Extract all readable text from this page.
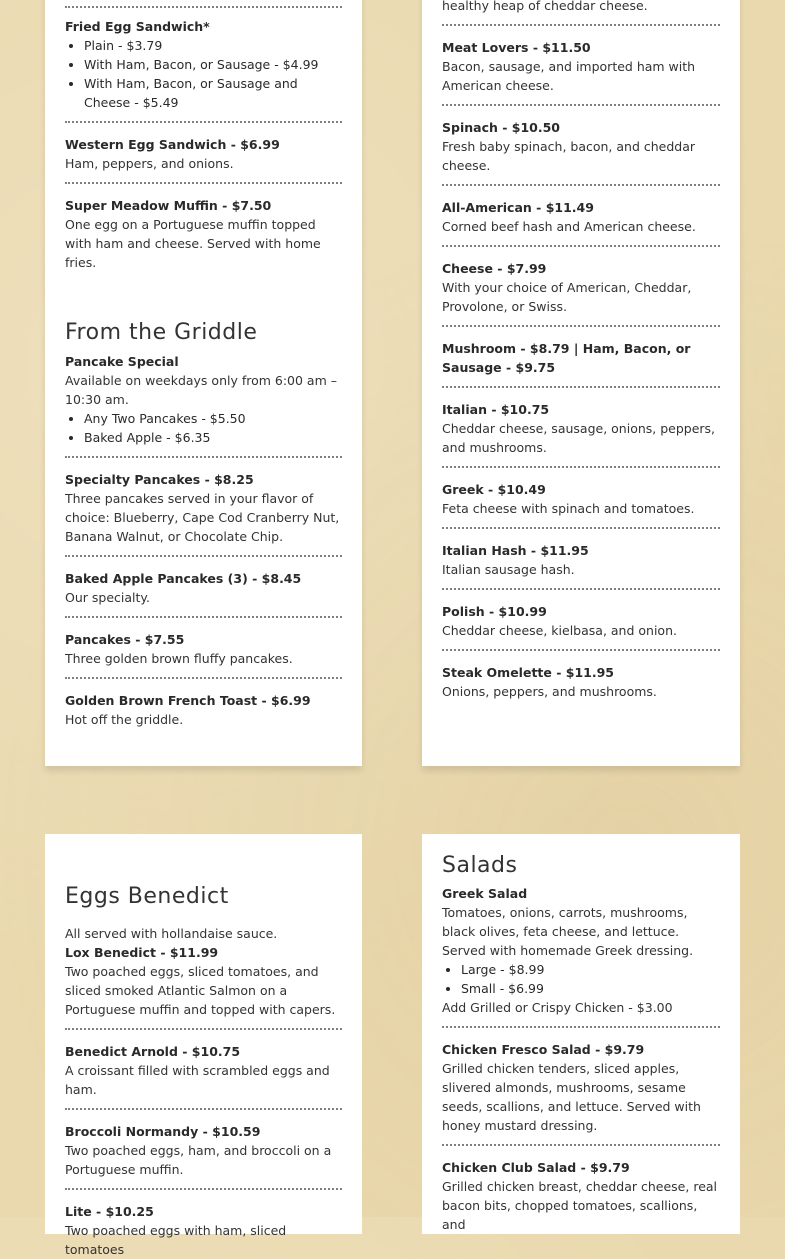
Fried Egg Sandwich*
• Plain - $3.79
• With Ham, Bacon, or Sausage - $4.99
• With Ham, Bacon, or Sausage and Cheese - $5.49
Western Egg Sandwich - $6.99
Ham, peppers, and onions.
Super Meadow Muffin - $7.50
One egg on a Portuguese muffin topped with ham and cheese. Served with home fries.
From the Griddle
Pancake Special
Available on weekdays only from 6:00 am – 10:30 am.
• Any Two Pancakes - $5.50
• Baked Apple - $6.35
Specialty Pancakes - $8.25
Three pancakes served in your flavor of choice: Blueberry, Cape Cod Cranberry Nut, Banana Walnut, or Chocolate Chip.
Baked Apple Pancakes (3) - $8.45
Our specialty.
Pancakes - $7.55
Three golden brown fluffy pancakes.
Golden Brown French Toast - $6.99
Hot off the griddle.
healthy heap of cheddar cheese.
Meat Lovers - $11.50
Bacon, sausage, and imported ham with American cheese.
Spinach - $10.50
Fresh baby spinach, bacon, and cheddar cheese.
All-American - $11.49
Corned beef hash and American cheese.
Cheese - $7.99
With your choice of American, Cheddar, Provolone, or Swiss.
Mushroom - $8.79 | Ham, Bacon, or Sausage - $9.75
Italian - $10.75
Cheddar cheese, sausage, onions, peppers, and mushrooms.
Greek - $10.49
Feta cheese with spinach and tomatoes.
Italian Hash - $11.95
Italian sausage hash.
Polish - $10.99
Cheddar cheese, kielbasa, and onion.
Steak Omelette - $11.95
Onions, peppers, and mushrooms.
Eggs Benedict
All served with hollandaise sauce.
Lox Benedict - $11.99
Two poached eggs, sliced tomatoes, and sliced smoked Atlantic Salmon on a Portuguese muffin and topped with capers.
Benedict Arnold - $10.75
A croissant filled with scrambled eggs and ham.
Broccoli Normandy - $10.59
Two poached eggs, ham, and broccoli on a Portuguese muffin.
Lite - $10.25
Two poached eggs with ham, sliced tomatoes
Salads
Greek Salad
Tomatoes, onions, carrots, mushrooms, black olives, feta cheese, and lettuce. Served with homemade Greek dressing.
• Large - $8.99
• Small - $6.99
Add Grilled or Crispy Chicken - $3.00
Chicken Fresco Salad - $9.79
Grilled chicken tenders, sliced apples, slivered almonds, mushrooms, sesame seeds, scallions, and lettuce. Served with honey mustard dressing.
Chicken Club Salad - $9.79
Grilled chicken breast, cheddar cheese, real bacon bits, chopped tomatoes, scallions, and
